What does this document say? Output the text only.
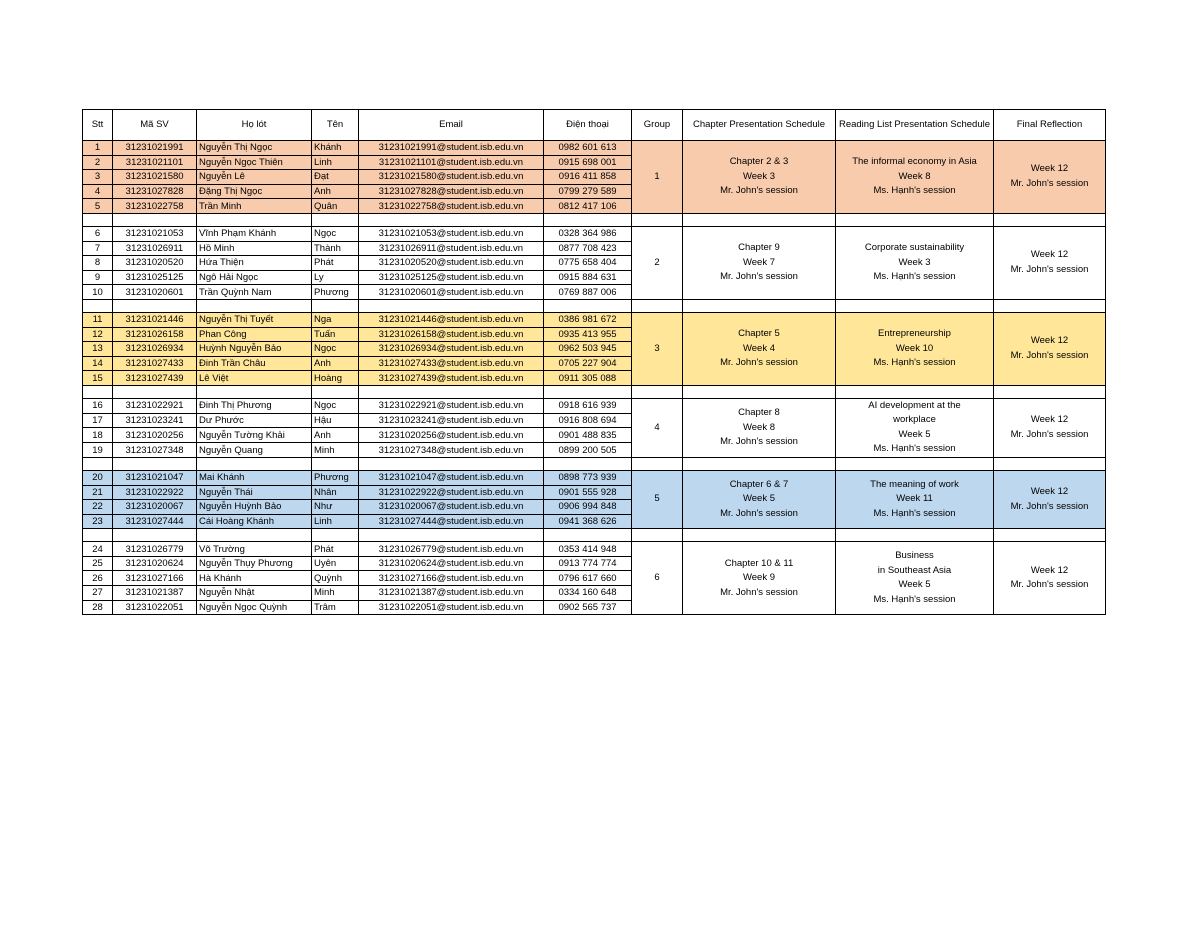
Stt	Mã SV	Họ lót	Tên	Email	Điện thoại	Group	Chapter Presentation Schedule	Reading List Presentation Schedule	Final Reflection
1	31231021991	Nguyễn Thị Ngọc	Khánh	31231021991@student.isb.edu.vn	0982 601 613	1	Chapter 2 & 3
Week 3
Mr. John's session	The informal economy in Asia
Week 8
Ms. Hạnh's session	Week 12
Mr. John's session

2	31231021101	Nguyễn Ngọc Thiên	Linh	31231021101@student.isb.edu.vn	0915 698 001				
3	31231021580	Nguyễn Lê	Đạt	31231021580@student.isb.edu.vn	0916 411 858				
4	31231027828	Đặng Thị Ngọc	Anh	31231027828@student.isb.edu.vn	0799 279 589				
5	31231022758	Trần Minh	Quân	31231022758@student.isb.edu.vn	0812 417 106				

6	31231021053	Vĩnh Phạm Khánh	Ngọc	31231021053@student.isb.edu.vn	0328 364 986	2	Chapter 9
Week 7
Mr. John's session	Corporate sustainability
Week 3
Ms. Hạnh's session	Week 12
Mr. John's session

7	31231026911	Hồ Minh	Thành	31231026911@student.isb.edu.vn	0877 708 423				
8	31231020520	Hứa Thiện	Phát	31231020520@student.isb.edu.vn	0775 658 404				
9	31231025125	Ngô Hải Ngọc	Ly	31231025125@student.isb.edu.vn	0915 884 631				
10	31231020601	Trần Quỳnh Nam	Phương	31231020601@student.isb.edu.vn	0769 887 006				

11	31231021446	Nguyễn Thị Tuyết	Nga	31231021446@student.isb.edu.vn	0386 981 672	3	Chapter 5
Week 4
Mr. John's session	Entrepreneurship
Week 10
Ms. Hạnh's session	Week 12
Mr. John's session

12	31231026158	Phan Công	Tuấn	31231026158@student.isb.edu.vn	0935 413 955				
13	31231026934	Huỳnh Nguyễn Bảo	Ngọc	31231026934@student.isb.edu.vn	0962 503 945				
14	31231027433	Đinh Trần Châu	Anh	31231027433@student.isb.edu.vn	0705 227 904				
15	31231027439	Lê Việt	Hoàng	31231027439@student.isb.edu.vn	0911 305 088				

16	31231022921	Đinh Thị Phương	Ngọc	31231022921@student.isb.edu.vn	0918 616 939	4	Chapter 8
Week 8
Mr. John's session	AI development at the
workplace
Week 5
Ms. Hạnh's session	Week 12
Mr. John's session

17	31231023241	Dư Phước	Hậu	31231023241@student.isb.edu.vn	0916 808 694				
18	31231020256	Nguyễn Tường Khải	Anh	31231020256@student.isb.edu.vn	0901 488 835				
19	31231027348	Nguyễn Quang	Minh	31231027348@student.isb.edu.vn	0899 200 505				

20	31231021047	Mai Khánh	Phương	31231021047@student.isb.edu.vn	0898 773 939	5	Chapter 6 & 7
Week 5
Mr. John's session	The meaning of work
Week 11
Ms. Hạnh's session	Week 12
Mr. John's session

21	31231022922	Nguyễn Thái	Nhân	31231022922@student.isb.edu.vn	0901 555 928				
22	31231020067	Nguyễn Huỳnh Bảo	Như	31231020067@student.isb.edu.vn	0906 994 848				
23	31231027444	Cái Hoàng Khánh	Linh	31231027444@student.isb.edu.vn	0941 368 626				

24	31231026779	Võ Trường	Phát	31231026779@student.isb.edu.vn	0353 414 948	6	Chapter 10 & 11
Week 9
Mr. John's session	Business
in Southeast Asia
Week 5
Ms. Hạnh's session	Week 12
Mr. John's session

25	31231020624	Nguyễn Thụy Phương	Uyên	31231020624@student.isb.edu.vn	0913 774 774				
26	31231027166	Hà Khánh	Quỳnh	31231027166@student.isb.edu.vn	0796 617 660				
27	31231021387	Nguyễn Nhật	Minh	31231021387@student.isb.edu.vn	0334 160 648				
28	31231022051	Nguyễn Ngọc Quỳnh	Trâm	31231022051@student.isb.edu.vn	0902 565 737				
